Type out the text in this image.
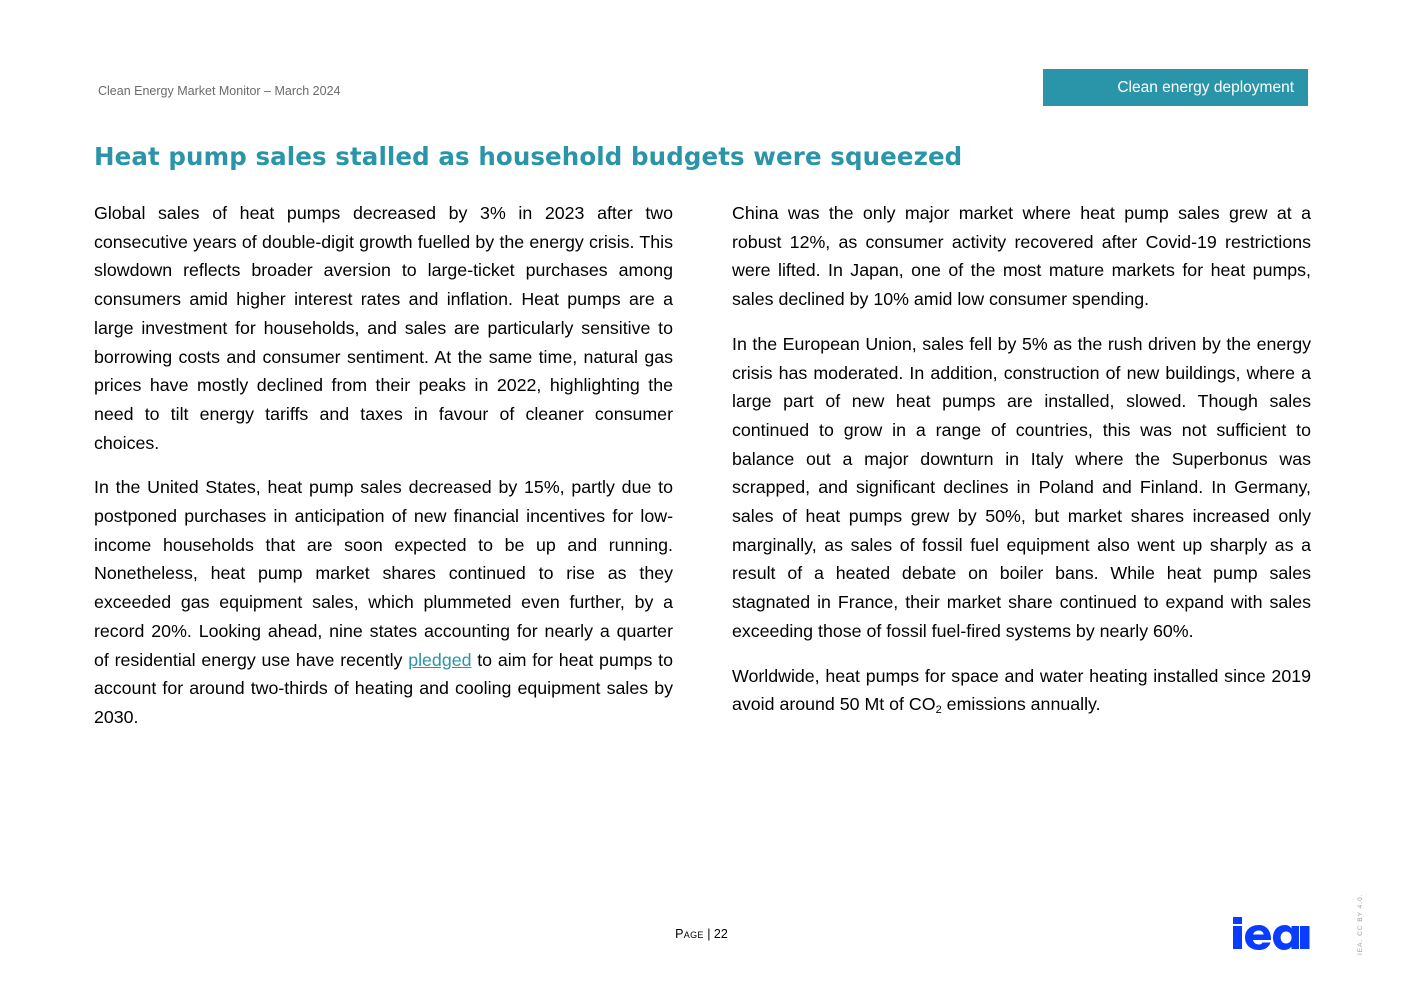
Clean Energy Market Monitor – March 2024	Clean energy deployment
Heat pump sales stalled as household budgets were squeezed

Global sales of heat pumps decreased by 3% in 2023 after two consecutive years of double-digit growth fuelled by the energy crisis. This slowdown reflects broader aversion to large-ticket purchases among consumers amid higher interest rates and inflation. Heat pumps are a large investment for households, and sales are particularly sensitive to borrowing costs and consumer sentiment. At the same time, natural gas prices have mostly declined from their peaks in 2022, highlighting the need to tilt energy tariffs and taxes in favour of cleaner consumer choices.

In the United States, heat pump sales decreased by 15%, partly due to postponed purchases in anticipation of new financial incentives for low-income households that are soon expected to be up and running. Nonetheless, heat pump market shares continued to rise as they exceeded gas equipment sales, which plummeted even further, by a record 20%. Looking ahead, nine states accounting for nearly a quarter of residential energy use have recently pledged to aim for heat pumps to account for around two-thirds of heating and cooling equipment sales by 2030.

China was the only major market where heat pump sales grew at a robust 12%, as consumer activity recovered after Covid-19 restrictions were lifted. In Japan, one of the most mature markets for heat pumps, sales declined by 10% amid low consumer spending.

In the European Union, sales fell by 5% as the rush driven by the energy crisis has moderated. In addition, construction of new buildings, where a large part of new heat pumps are installed, slowed. Though sales continued to grow in a range of countries, this was not sufficient to balance out a major downturn in Italy where the Superbonus was scrapped, and significant declines in Poland and Finland. In Germany, sales of heat pumps grew by 50%, but market shares increased only marginally, as sales of fossil fuel equipment also went up sharply as a result of a heated debate on boiler bans. While heat pump sales stagnated in France, their market share continued to expand with sales exceeding those of fossil fuel-fired systems by nearly 60%.

Worldwide, heat pumps for space and water heating installed since 2019 avoid around 50 Mt of $CO_2$ emissions annually.

Page | 22	IEA. CC BY 4.0.
